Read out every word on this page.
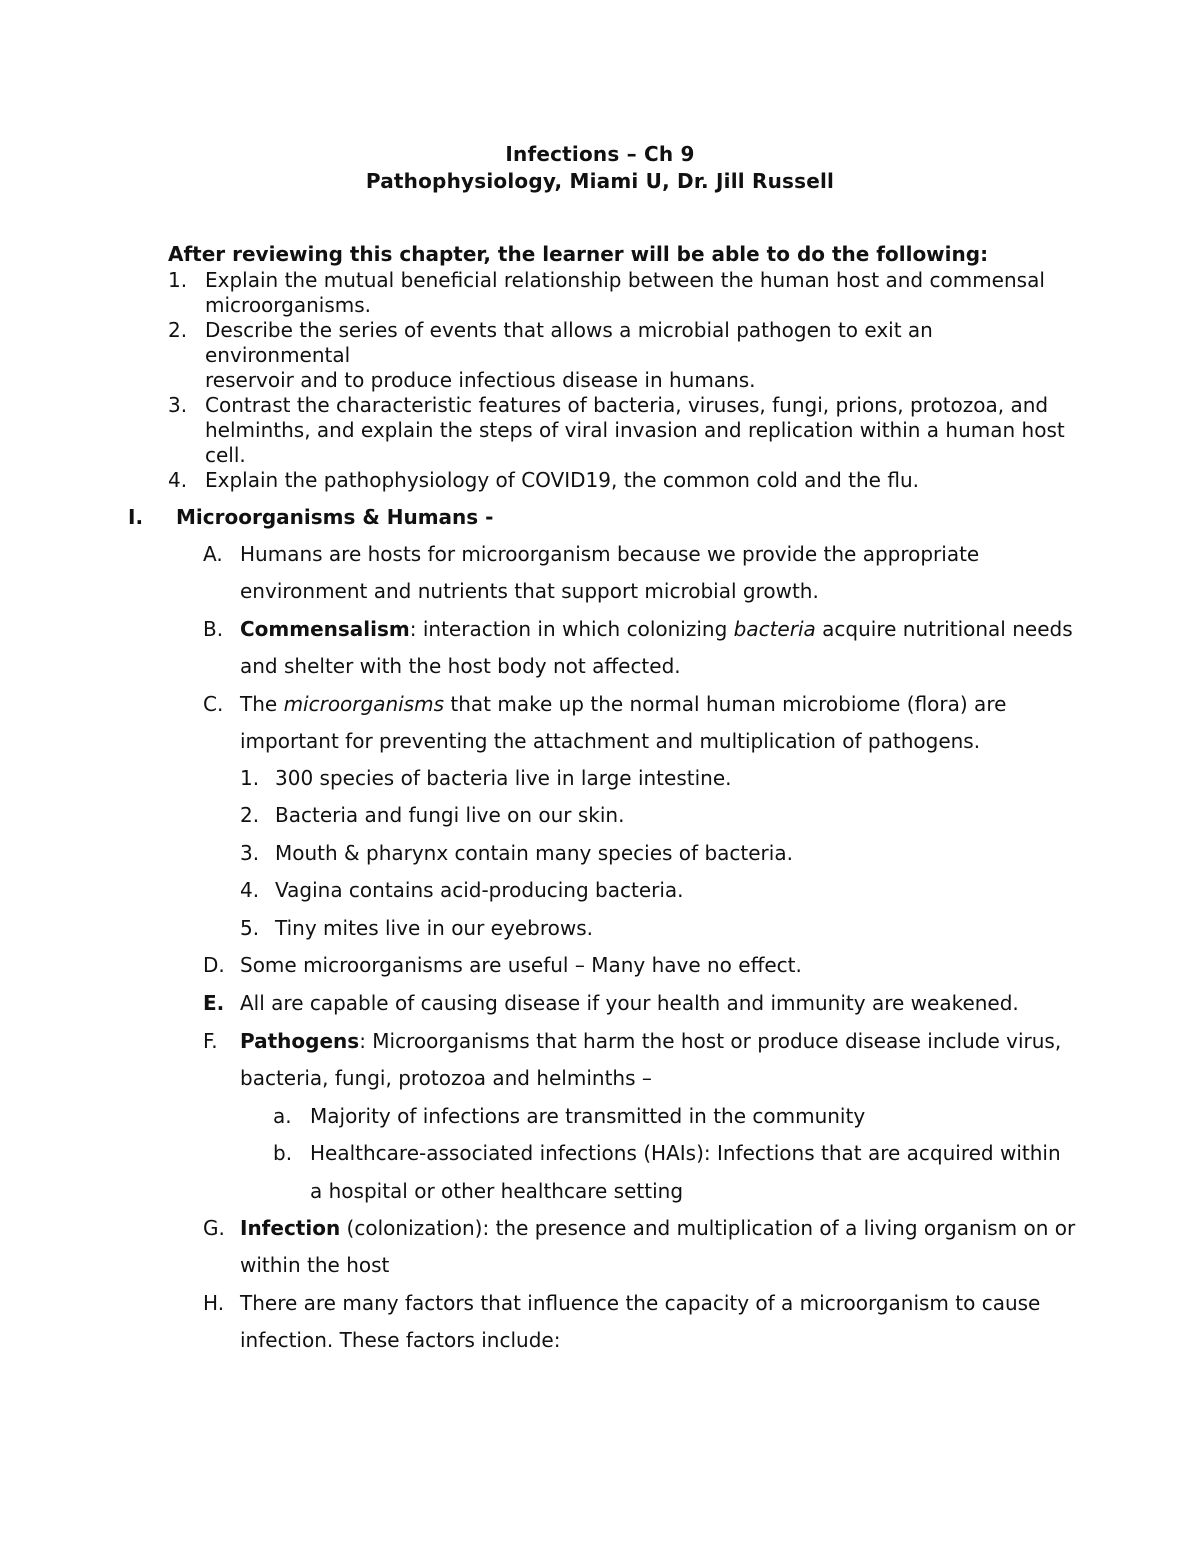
Infections – Ch 9
Pathophysiology, Miami U, Dr. Jill Russell
After reviewing this chapter, the learner will be able to do the following:
1. Explain the mutual beneficial relationship between the human host and commensal
microorganisms.
2. Describe the series of events that allows a microbial pathogen to exit an environmental
reservoir and to produce infectious disease in humans.
3. Contrast the characteristic features of bacteria, viruses, fungi, prions, protozoa, and
helminths, and explain the steps of viral invasion and replication within a human host
cell.
4. Explain the pathophysiology of COVID19, the common cold and the flu.
I. Microorganisms & Humans -
A. Humans are hosts for microorganism because we provide the appropriate
environment and nutrients that support microbial growth.
B. Commensalism: interaction in which colonizing bacteria acquire nutritional needs
and shelter with the host body not affected.
C. The microorganisms that make up the normal human microbiome (flora) are
important for preventing the attachment and multiplication of pathogens.
1. 300 species of bacteria live in large intestine.
2. Bacteria and fungi live on our skin.
3. Mouth & pharynx contain many species of bacteria.
4. Vagina contains acid-producing bacteria.
5. Tiny mites live in our eyebrows.
D. Some microorganisms are useful – Many have no effect.
E. All are capable of causing disease if your health and immunity are weakened.
F. Pathogens: Microorganisms that harm the host or produce disease include virus,
bacteria, fungi, protozoa and helminths –
a. Majority of infections are transmitted in the community
b. Healthcare-associated infections (HAIs): Infections that are acquired within
a hospital or other healthcare setting
G. Infection (colonization): the presence and multiplication of a living organism on or
within the host
H. There are many factors that influence the capacity of a microorganism to cause
infection. These factors include:
